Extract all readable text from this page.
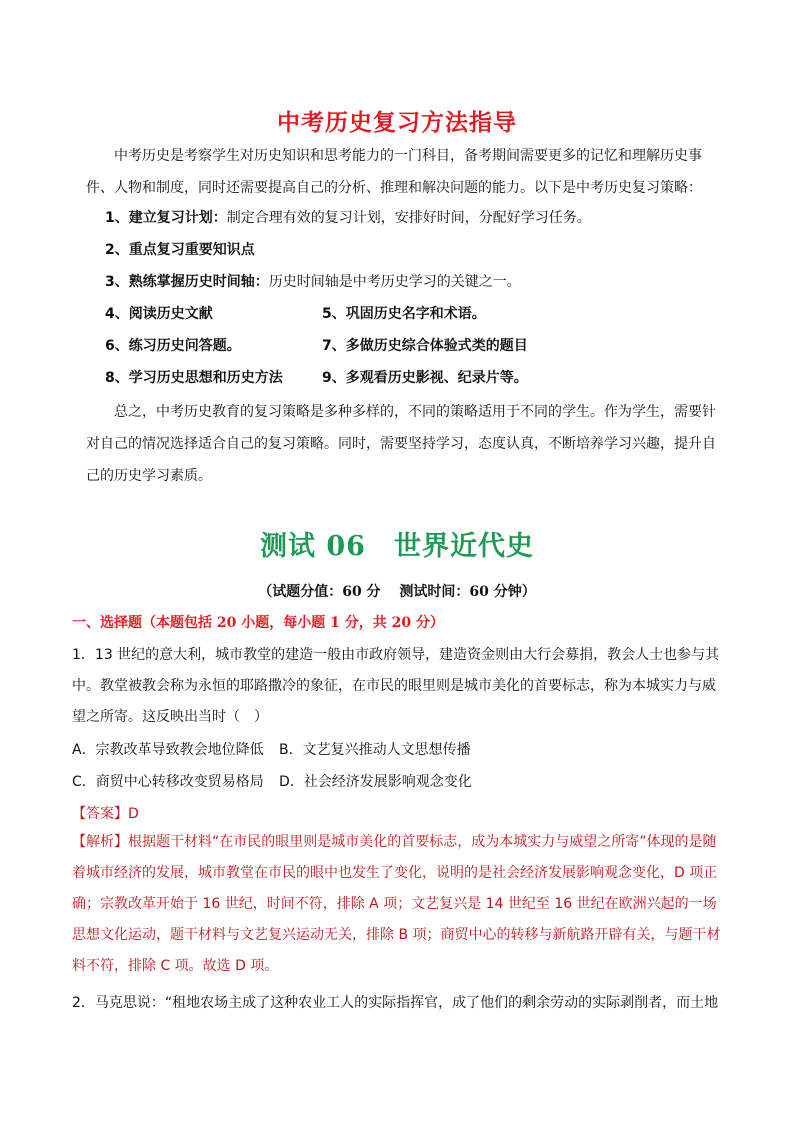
中考历史复习方法指导
中考历史是考察学生对历史知识和思考能力的一门科目，备考期间需要更多的记忆和理解历史事件、人物和制度，同时还需要提高自己的分析、推理和解决问题的能力。以下是中考历史复习策略：
1、建立复习计划：制定合理有效的复习计划，安排好时间，分配好学习任务。
2、重点复习重要知识点
3、熟练掌握历史时间轴：历史时间轴是中考历史学习的关键之一。
4、阅读历史文献	5、巩固历史名字和术语。
6、练习历史问答题。	7、多做历史综合体验式类的题目
8、学习历史思想和历史方法	9、多观看历史影视、纪录片等。
总之，中考历史教育的复习策略是多种多样的，不同的策略适用于不同的学生。作为学生，需要针对自己的情况选择适合自己的复习策略。同时，需要坚持学习，态度认真，不断培养学习兴趣，提升自己的历史学习素质。
测试 06　世界近代史
（试题分值：60 分　 测试时间：60 分钟）
一、选择题（本题包括 20 小题，每小题 1 分，共 20 分）
1．13 世纪的意大利，城市教堂的建造一般由市政府领导，建造资金则由大行会募捐，教会人士也参与其中。教堂被教会称为永恒的耶路撒冷的象征，在市民的眼里则是城市美化的首要标志，称为本城实力与威望之所寄。这反映出当时（　）
A．宗教改革导致教会地位降低 B．文艺复兴推动人文思想传播
C．商贸中心转移改变贸易格局 D．社会经济发展影响观念变化
【答案】D
【解析】根据题干材料“在市民的眼里则是城市美化的首要标志，成为本城实力与威望之所寄”体现的是随着城市经济的发展，城市教堂在市民的眼中也发生了变化，说明的是社会经济发展影响观念变化，D 项正确；宗教改革开始于 16 世纪，时间不符，排除 A 项；文艺复兴是 14 世纪至 16 世纪在欧洲兴起的一场思想文化运动，题干材料与文艺复兴运动无关，排除 B 项；商贸中心的转移与新航路开辟有关，与题干材料不符，排除 C 项。故选 D 项。
2．马克思说：“租地农场主成了这种农业工人的实际指挥官，成了他们的剩余劳动的实际剥削者，而土地
